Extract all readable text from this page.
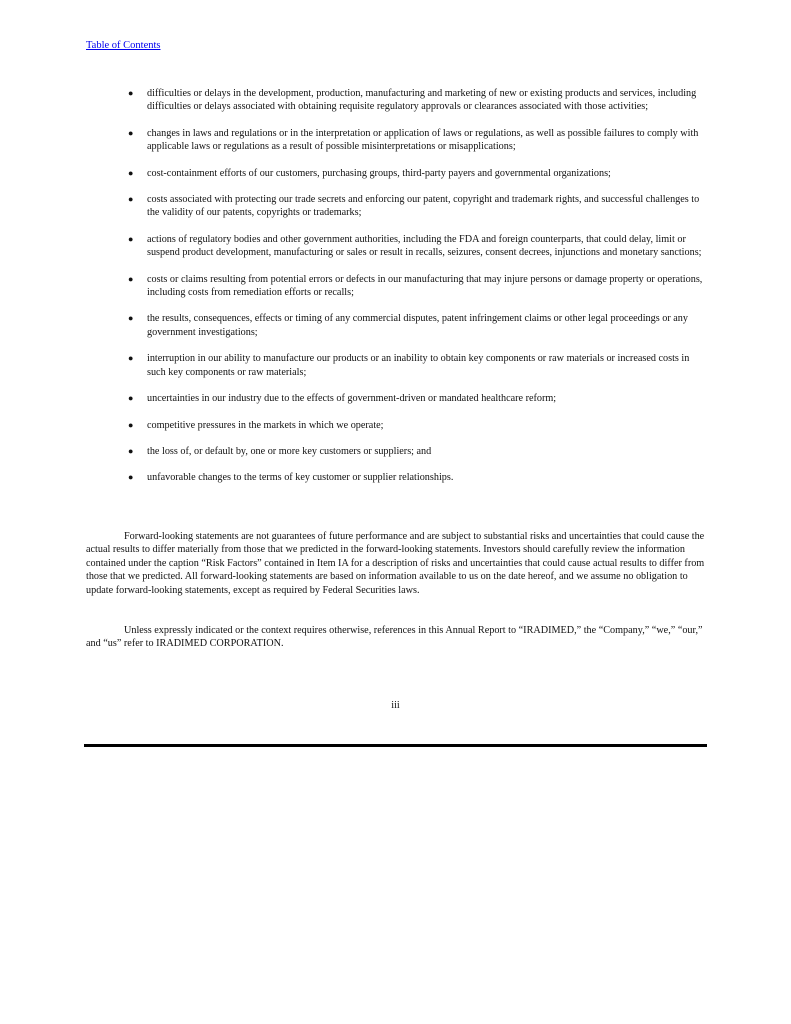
Table of Contents
● difficulties or delays in the development, production, manufacturing and marketing of new or existing products and services, including difficulties or delays associated with obtaining requisite regulatory approvals or clearances associated with those activities;
● changes in laws and regulations or in the interpretation or application of laws or regulations, as well as possible failures to comply with applicable laws or regulations as a result of possible misinterpretations or misapplications;
● cost-containment efforts of our customers, purchasing groups, third-party payers and governmental organizations;
● costs associated with protecting our trade secrets and enforcing our patent, copyright and trademark rights, and successful challenges to the validity of our patents, copyrights or trademarks;
● actions of regulatory bodies and other government authorities, including the FDA and foreign counterparts, that could delay, limit or suspend product development, manufacturing or sales or result in recalls, seizures, consent decrees, injunctions and monetary sanctions;
● costs or claims resulting from potential errors or defects in our manufacturing that may injure persons or damage property or operations, including costs from remediation efforts or recalls;
● the results, consequences, effects or timing of any commercial disputes, patent infringement claims or other legal proceedings or any government investigations;
● interruption in our ability to manufacture our products or an inability to obtain key components or raw materials or increased costs in such key components or raw materials;
● uncertainties in our industry due to the effects of government-driven or mandated healthcare reform;
● competitive pressures in the markets in which we operate;
● the loss of, or default by, one or more key customers or suppliers; and
● unfavorable changes to the terms of key customer or supplier relationships.

Forward-looking statements are not guarantees of future performance and are subject to substantial risks and uncertainties that could cause the actual results to differ materially from those that we predicted in the forward-looking statements. Investors should carefully review the information contained under the caption “Risk Factors” contained in Item IA for a description of risks and uncertainties that could cause actual results to differ from those that we predicted. All forward-looking statements are based on information available to us on the date hereof, and we assume no obligation to update forward-looking statements, except as required by Federal Securities laws.

Unless expressly indicated or the context requires otherwise, references in this Annual Report to “IRADIMED,” the “Company,” “we,” “our,” and “us” refer to IRADIMED CORPORATION.

iii
